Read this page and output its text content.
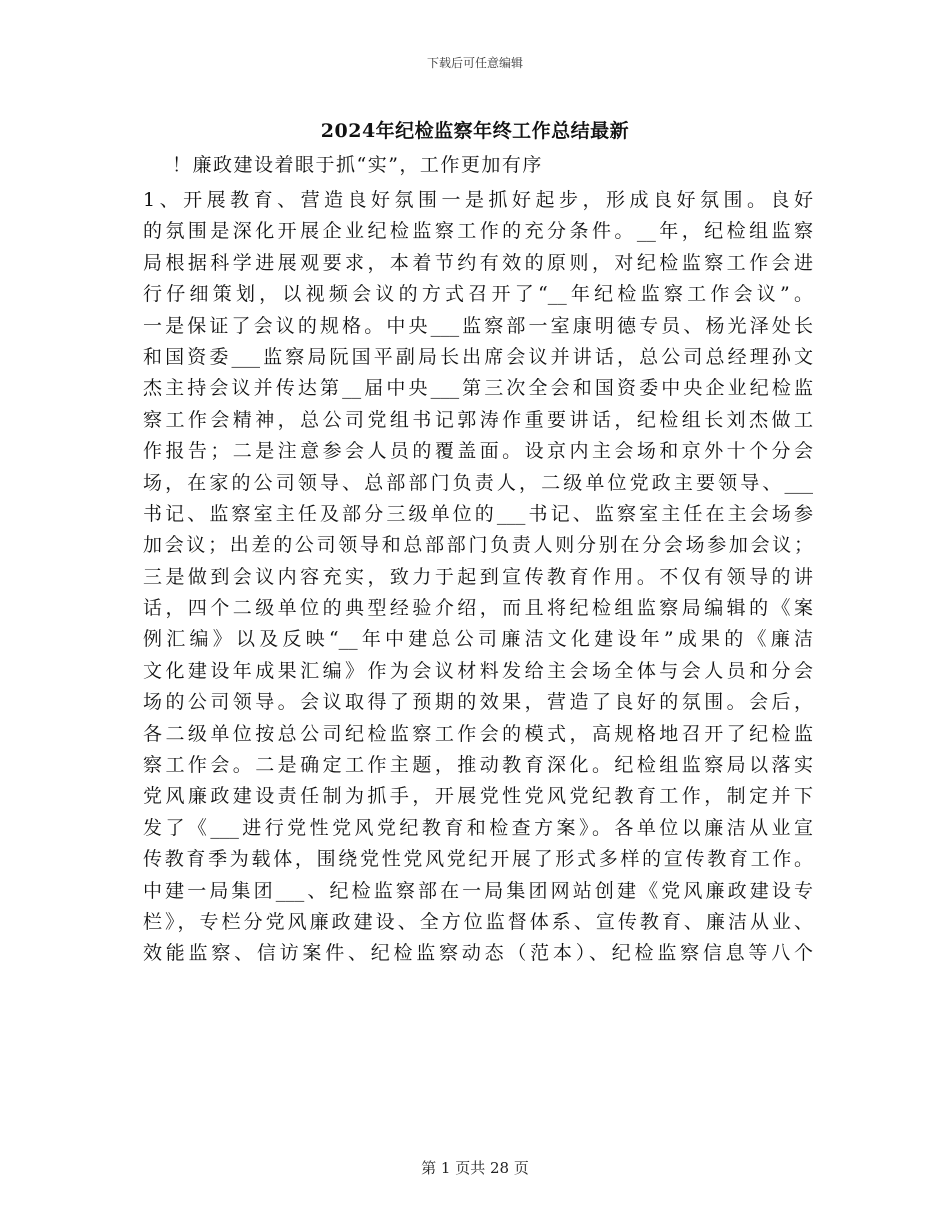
下载后可任意编辑
2024年纪检监察年终工作总结最新
！廉政建设着眼于抓“实”，工作更加有序
1、开展教育、营造良好氛围一是抓好起步，形成良好氛围。良好
的氛围是深化开展企业纪检监察工作的充分条件。__年，纪检组监察
局根据科学进展观要求，本着节约有效的原则，对纪检监察工作会进
行仔细策划，以视频会议的方式召开了“__年纪检监察工作会议”。
一是保证了会议的规格。中央___监察部一室康明德专员、杨光泽处长
和国资委___监察局阮国平副局长出席会议并讲话，总公司总经理孙文
杰主持会议并传达第__届中央___第三次全会和国资委中央企业纪检监
察工作会精神，总公司党组书记郭涛作重要讲话，纪检组长刘杰做工
作报告；二是注意参会人员的覆盖面。设京内主会场和京外十个分会
场，在家的公司领导、总部部门负责人，二级单位党政主要领导、___
书记、监察室主任及部分三级单位的___书记、监察室主任在主会场参
加会议；出差的公司领导和总部部门负责人则分别在分会场参加会议；
三是做到会议内容充实，致力于起到宣传教育作用。不仅有领导的讲
话，四个二级单位的典型经验介绍，而且将纪检组监察局编辑的《案
例汇编》以及反映“__年中建总公司廉洁文化建设年”成果的《廉洁
文化建设年成果汇编》作为会议材料发给主会场全体与会人员和分会
场的公司领导。会议取得了预期的效果，营造了良好的氛围。会后，
各二级单位按总公司纪检监察工作会的模式，高规格地召开了纪检监
察工作会。二是确定工作主题，推动教育深化。纪检组监察局以落实
党风廉政建设责任制为抓手，开展党性党风党纪教育工作，制定并下
发了《___进行党性党风党纪教育和检查方案》。各单位以廉洁从业宣
传教育季为载体，围绕党性党风党纪开展了形式多样的宣传教育工作。
中建一局集团___、纪检监察部在一局集团网站创建《党风廉政建设专
栏》，专栏分党风廉政建设、全方位监督体系、宣传教育、廉洁从业、
效能监察、信访案件、纪检监察动态（范本）、纪检监察信息等八个
第 1 页共 28 页
